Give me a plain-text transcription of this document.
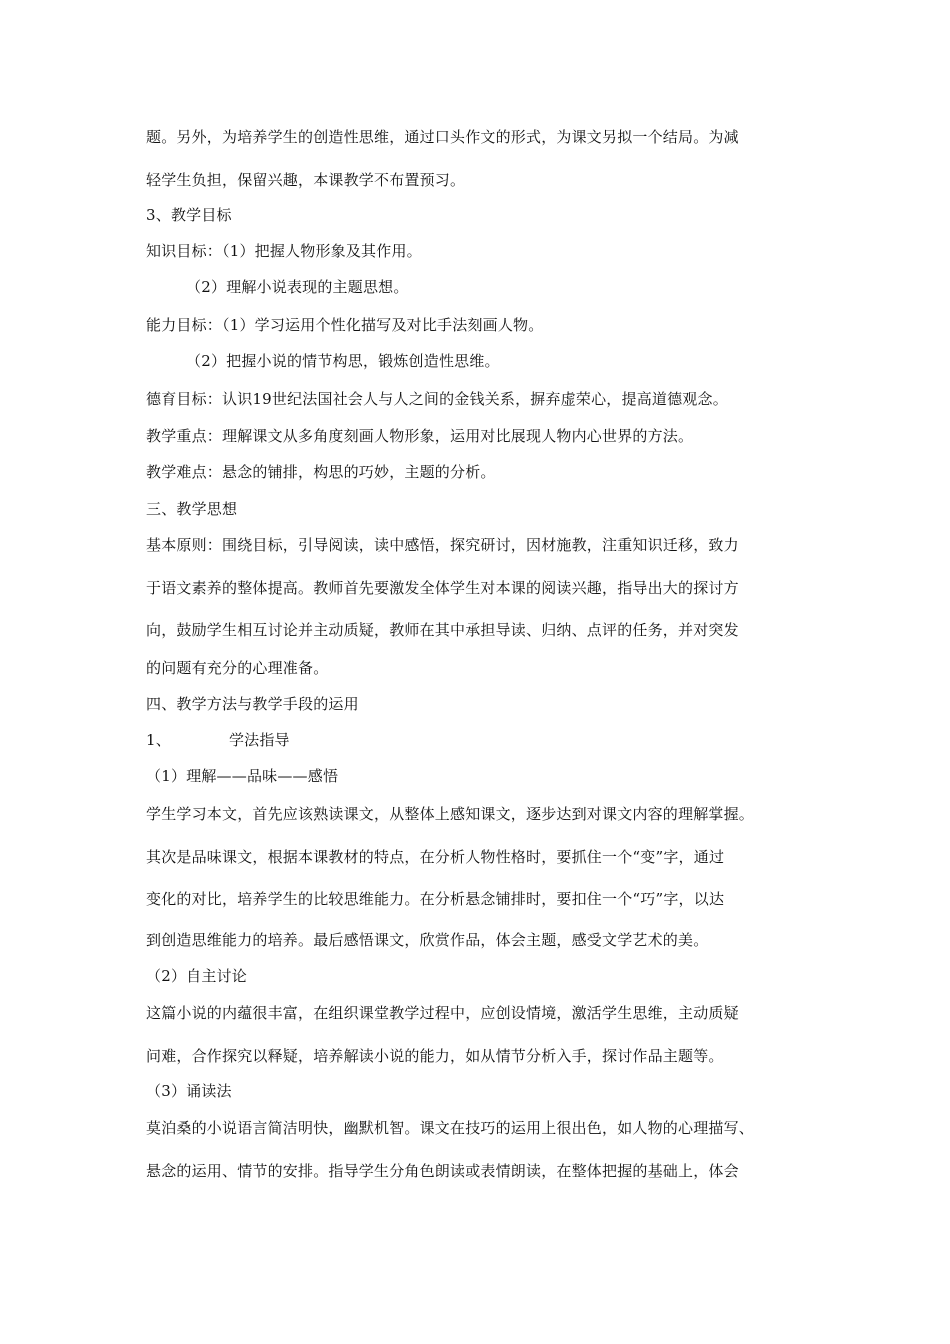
题。另外，为培养学生的创造性思维，通过口头作文的形式，为课文另拟一个结局。为减
轻学生负担，保留兴趣，本课教学不布置预习。
3、教学目标
知识目标：（1）把握人物形象及其作用。
（2）理解小说表现的主题思想。
能力目标：（1）学习运用个性化描写及对比手法刻画人物。
（2）把握小说的情节构思，锻炼创造性思维。
德育目标：认识19世纪法国社会人与人之间的金钱关系，摒弃虚荣心，提高道德观念。
教学重点：理解课文从多角度刻画人物形象，运用对比展现人物内心世界的方法。
教学难点：悬念的铺排，构思的巧妙，主题的分析。
三、教学思想
基本原则：围绕目标，引导阅读，读中感悟，探究研讨，因材施教，注重知识迁移，致力
于语文素养的整体提高。教师首先要激发全体学生对本课的阅读兴趣，指导出大的探讨方
向，鼓励学生相互讨论并主动质疑，教师在其中承担导读、归纳、点评的任务，并对突发
的问题有充分的心理准备。
四、教学方法与教学手段的运用
1、	学法指导
（1）理解——品味——感悟
学生学习本文，首先应该熟读课文，从整体上感知课文，逐步达到对课文内容的理解掌握。
其次是品味课文，根据本课教材的特点，在分析人物性格时，要抓住一个“变”字，通过
变化的对比，培养学生的比较思维能力。在分析悬念铺排时，要扣住一个“巧”字，以达
到创造思维能力的培养。最后感悟课文，欣赏作品，体会主题，感受文学艺术的美。
（2）自主讨论
这篇小说的内蕴很丰富，在组织课堂教学过程中，应创设情境，激活学生思维，主动质疑
问难，合作探究以释疑，培养解读小说的能力，如从情节分析入手，探讨作品主题等。
（3）诵读法
莫泊桑的小说语言简洁明快，幽默机智。课文在技巧的运用上很出色，如人物的心理描写、
悬念的运用、情节的安排。指导学生分角色朗读或表情朗读，在整体把握的基础上，体会
